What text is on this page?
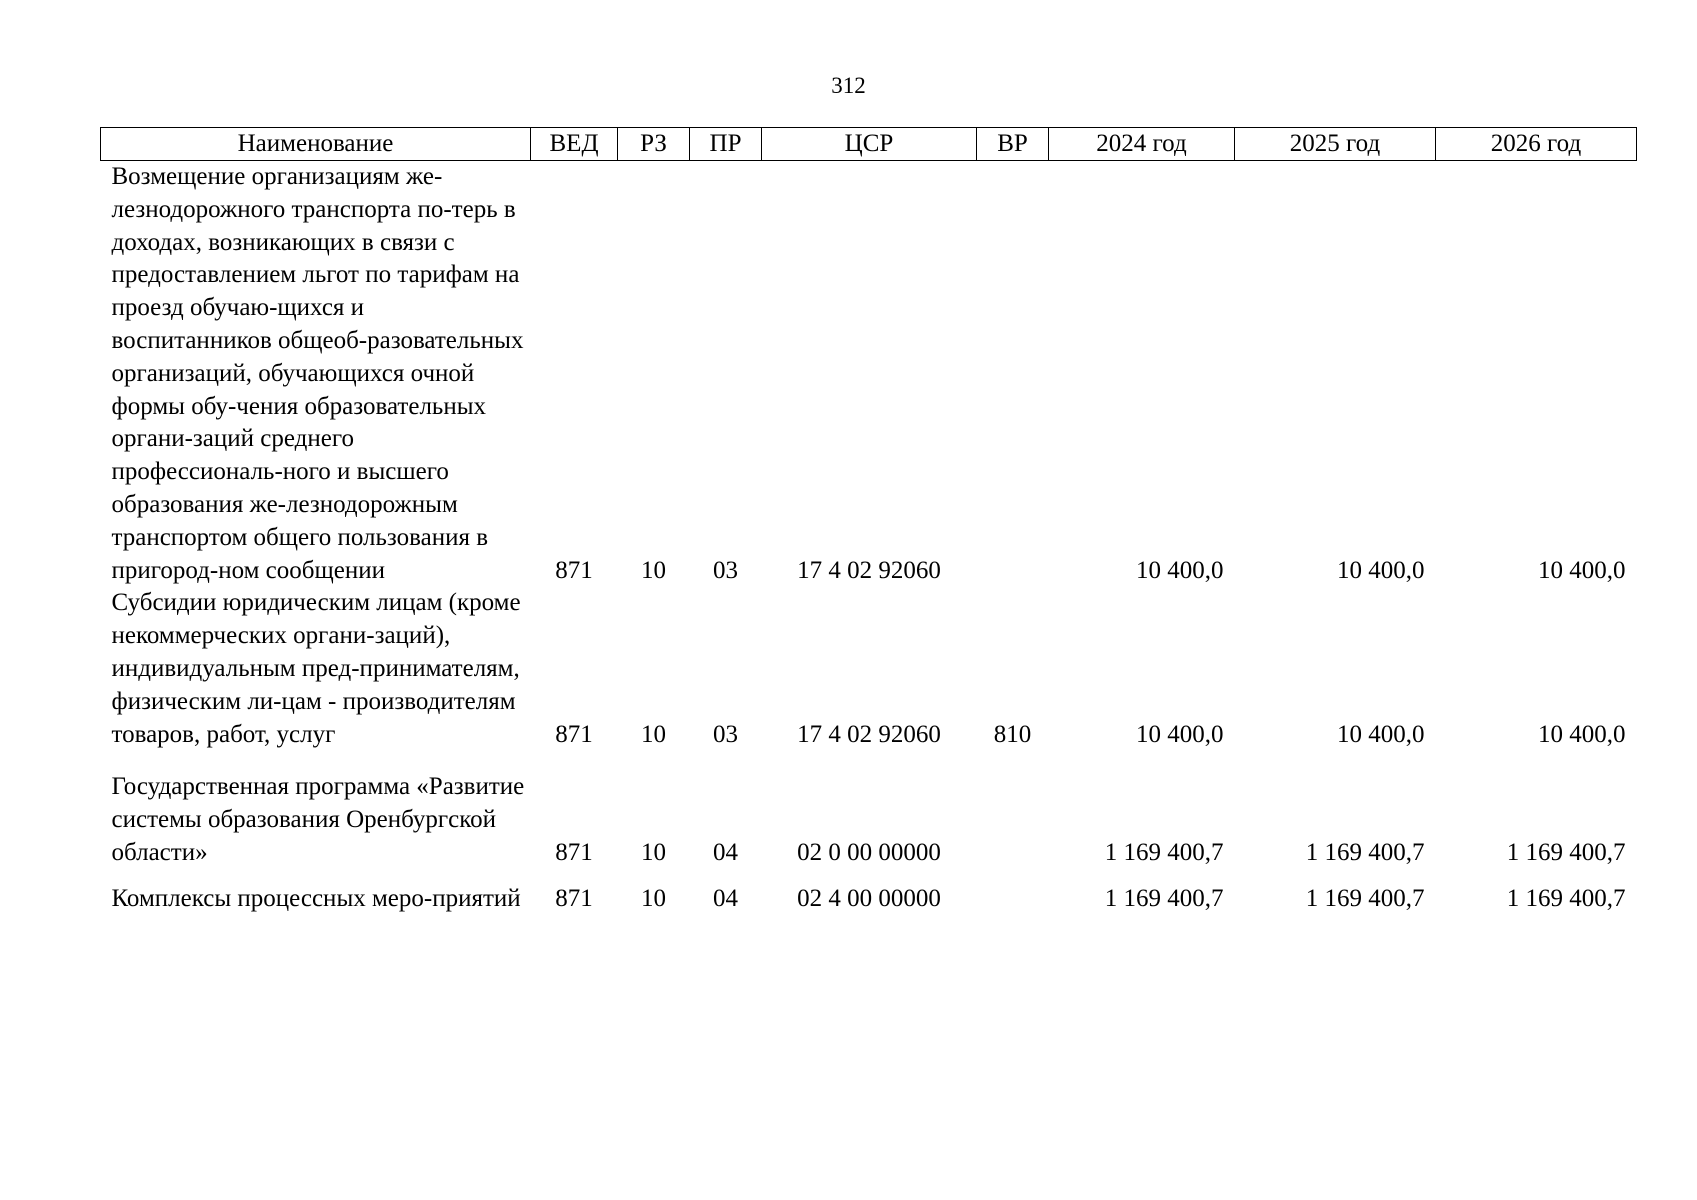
312
Наименование	ВЕД	РЗ	ПР	ЦСР	ВР	2024 год	2025 год	2026 год
Возмещение организациям же-лезнодорожного транспорта по-терь в доходах, возникающих в связи с предоставлением льгот по тарифам на проезд обучаю-щихся и воспитанников общеоб-разовательных организаций, обучающихся очной формы обу-чения образовательных органи-заций среднего профессиональ-ного и высшего образования же-лезнодорожным транспортом общего пользования в пригород-ном сообщении	871	10	03	17 4 02 92060		10 400,0	10 400,0	10 400,0
Субсидии юридическим лицам (кроме некоммерческих органи-заций), индивидуальным пред-принимателям, физическим ли-цам - производителям товаров, работ, услуг	871	10	03	17 4 02 92060	810	10 400,0	10 400,0	10 400,0
Государственная программа «Развитие системы образования Оренбургской области»	871	10	04	02 0 00 00000		1 169 400,7	1 169 400,7	1 169 400,7
Комплексы процессных меро-приятий	871	10	04	02 4 00 00000		1 169 400,7	1 169 400,7	1 169 400,7
